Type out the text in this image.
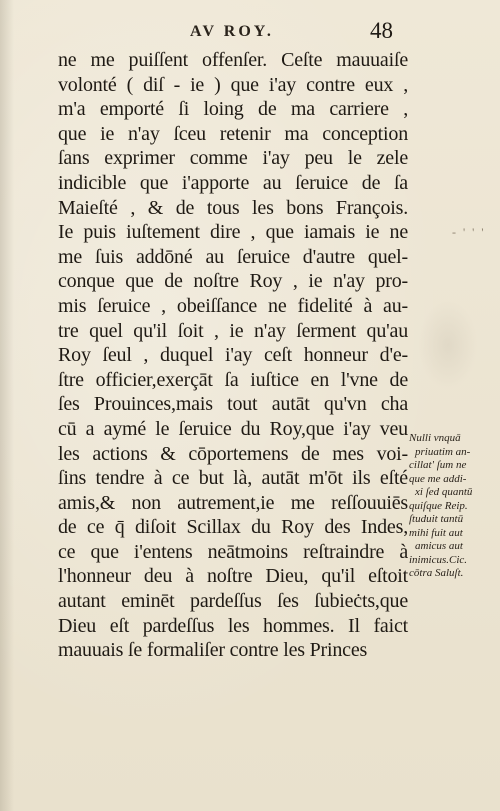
AV ROY.	48
- ' ' '
ne me puiſſent offenſer. Ceſte mauuaiſe
volonté ( diſ - ie ) que i'ay contre eux ,
m'a emporté ſi loing de ma carriere ,
que ie n'ay ſceu retenir ma conception
ſans exprimer comme i'ay peu le zele
indicible que i'apporte au ſeruice de ſa
Maieſté , & de tous les bons François.
Ie puis iuſtement dire , que iamais ie ne
me ſuis addōné au ſeruice d'autre quel-
conque que de noſtre Roy , ie n'ay pro-
mis ſeruice , obeiſſance ne fidelité à au-
tre quel qu'il ſoit , ie n'ay ſerment qu'au
Roy ſeul , duquel i'ay ceſt honneur d'e-
ſtre officier,exerçāt ſa iuſtice en l'vne de
ſes Prouinces,mais tout autāt qu'vn cha
cū a aymé le ſeruice du Roy,que i'ay veu
les actions & cōportemens de mes voi-
ſins tendre à ce but là, autāt m'ōt ils eſté
amis,& non autrement,ie me reſſouuiēs
de ce q̄ diſoit Scillax du Roy des Indes,
ce que i'entens neātmoins reſtraindre à
l'honneur deu à noſtre Dieu, qu'il eſtoit
autant eminēt pardeſſus ſes ſubieċts,que
Dieu eſt pardeſſus les hommes. Il faict
mauuais ſe formaliſer contre les Princes
Nulli vnquā
priuatim an-
cillat' ſum ne
que me addi-
xi ſed quantū
quiſque Reip.
ſtuduit tantū
mihi fuit aut
amicus aut
inimicus.Cic.
cōtra Saluſt.
